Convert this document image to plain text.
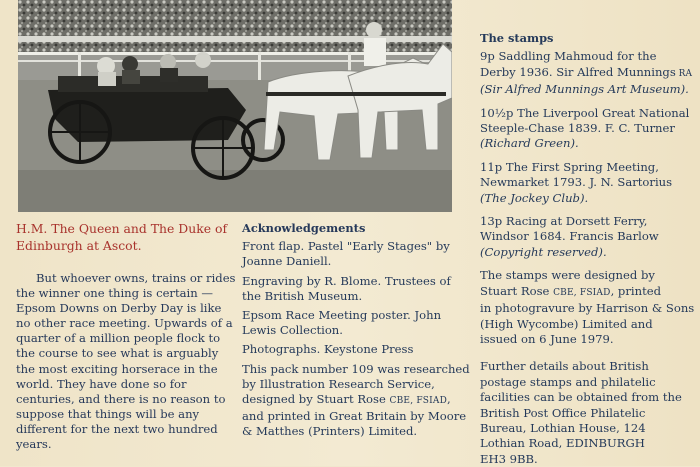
H.M. The Queen and The Duke of
Edinburgh at Ascot.

But whoever owns, trains or rides the winner one thing is certain — Epsom Downs on Derby Day is like no other race meeting. Upwards of a quarter of a million people flock to the course to see what is arguably the most exciting horserace in the world. They have done so for centuries, and there is no reason to suppose that things will be any different for the next two hundred years.

Acknowledgements
Front flap. Pastel "Early Stages" by Joanne Daniell.
Engraving by R. Blome. Trustees of the British Museum.
Epsom Race Meeting poster. John Lewis Collection.
Photographs. Keystone Press
This pack number 109 was researched by Illustration Research Service, designed by Stuart Rose CBE, FSIAD, and printed in Great Britain by Moore & Matthes (Printers) Limited.
The stamps
9p Saddling Mahmoud for the
Derby 1936. Sir Alfred Munnings RA
(Sir Alfred Munnings Art Museum).
10½p The Liverpool Great National
Steeple-Chase 1839. F. C. Turner
(Richard Green).
11p The First Spring Meeting,
Newmarket 1793. J. N. Sartorius
(The Jockey Club).
13p Racing at Dorsett Ferry,
Windsor 1684. Francis Barlow
(Copyright reserved).
The stamps were designed by
Stuart Rose CBE, FSIAD, printed
in photogravure by Harrison & Sons
(High Wycombe) Limited and
issued on 6 June 1979.
Further details about British
postage stamps and philatelic
facilities can be obtained from the
British Post Office Philatelic
Bureau, Lothian House, 124
Lothian Road, EDINBURGH
EH3 9BB.
